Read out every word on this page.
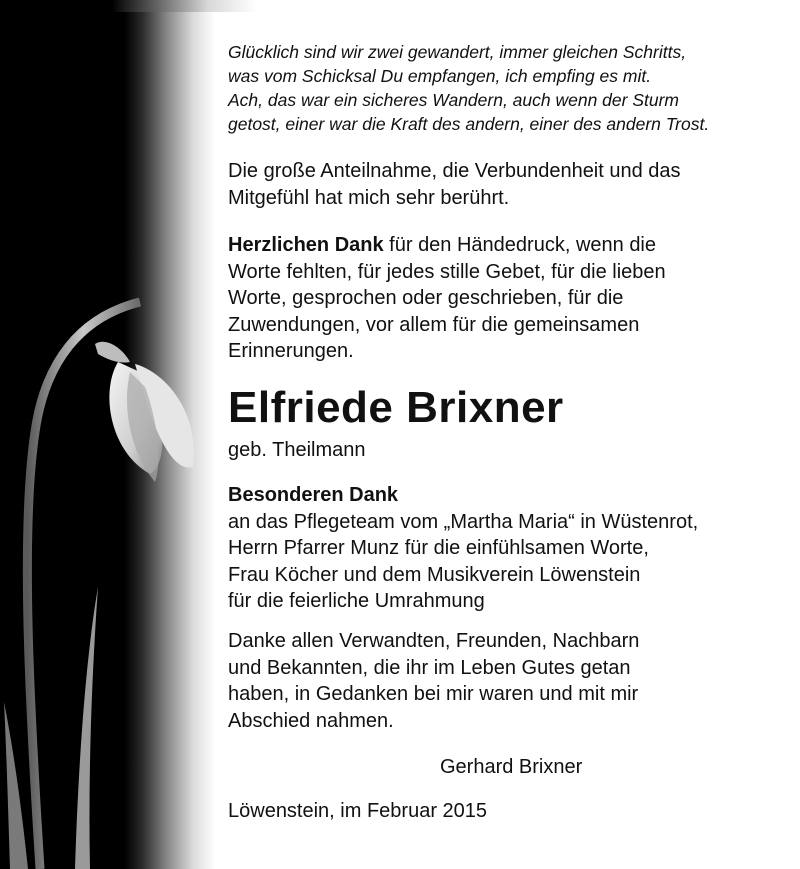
Glücklich sind wir zwei gewandert, immer gleichen Schritts,
was vom Schicksal Du empfangen, ich empfing es mit.
Ach, das war ein sicheres Wandern, auch wenn der Sturm
getost, einer war die Kraft des andern, einer des andern Trost.
Die große Anteilnahme, die Verbundenheit und das
Mitgefühl hat mich sehr berührt.
Herzlichen Dank für den Händedruck, wenn die
Worte fehlten, für jedes stille Gebet, für die lieben
Worte, gesprochen oder geschrieben, für die
Zuwendungen, vor allem für die gemeinsamen
Erinnerungen.
Elfriede Brixner
geb. Theilmann
Besonderen Dank
an das Pflegeteam vom „Martha Maria“ in Wüstenrot,
Herrn Pfarrer Munz für die einfühlsamen Worte,
Frau Köcher und dem Musikverein Löwenstein
für die feierliche Umrahmung
Danke allen Verwandten, Freunden, Nachbarn
und Bekannten, die ihr im Leben Gutes getan
haben, in Gedanken bei mir waren und mit mir
Abschied nahmen.
Gerhard Brixner
Löwenstein, im Februar 2015
